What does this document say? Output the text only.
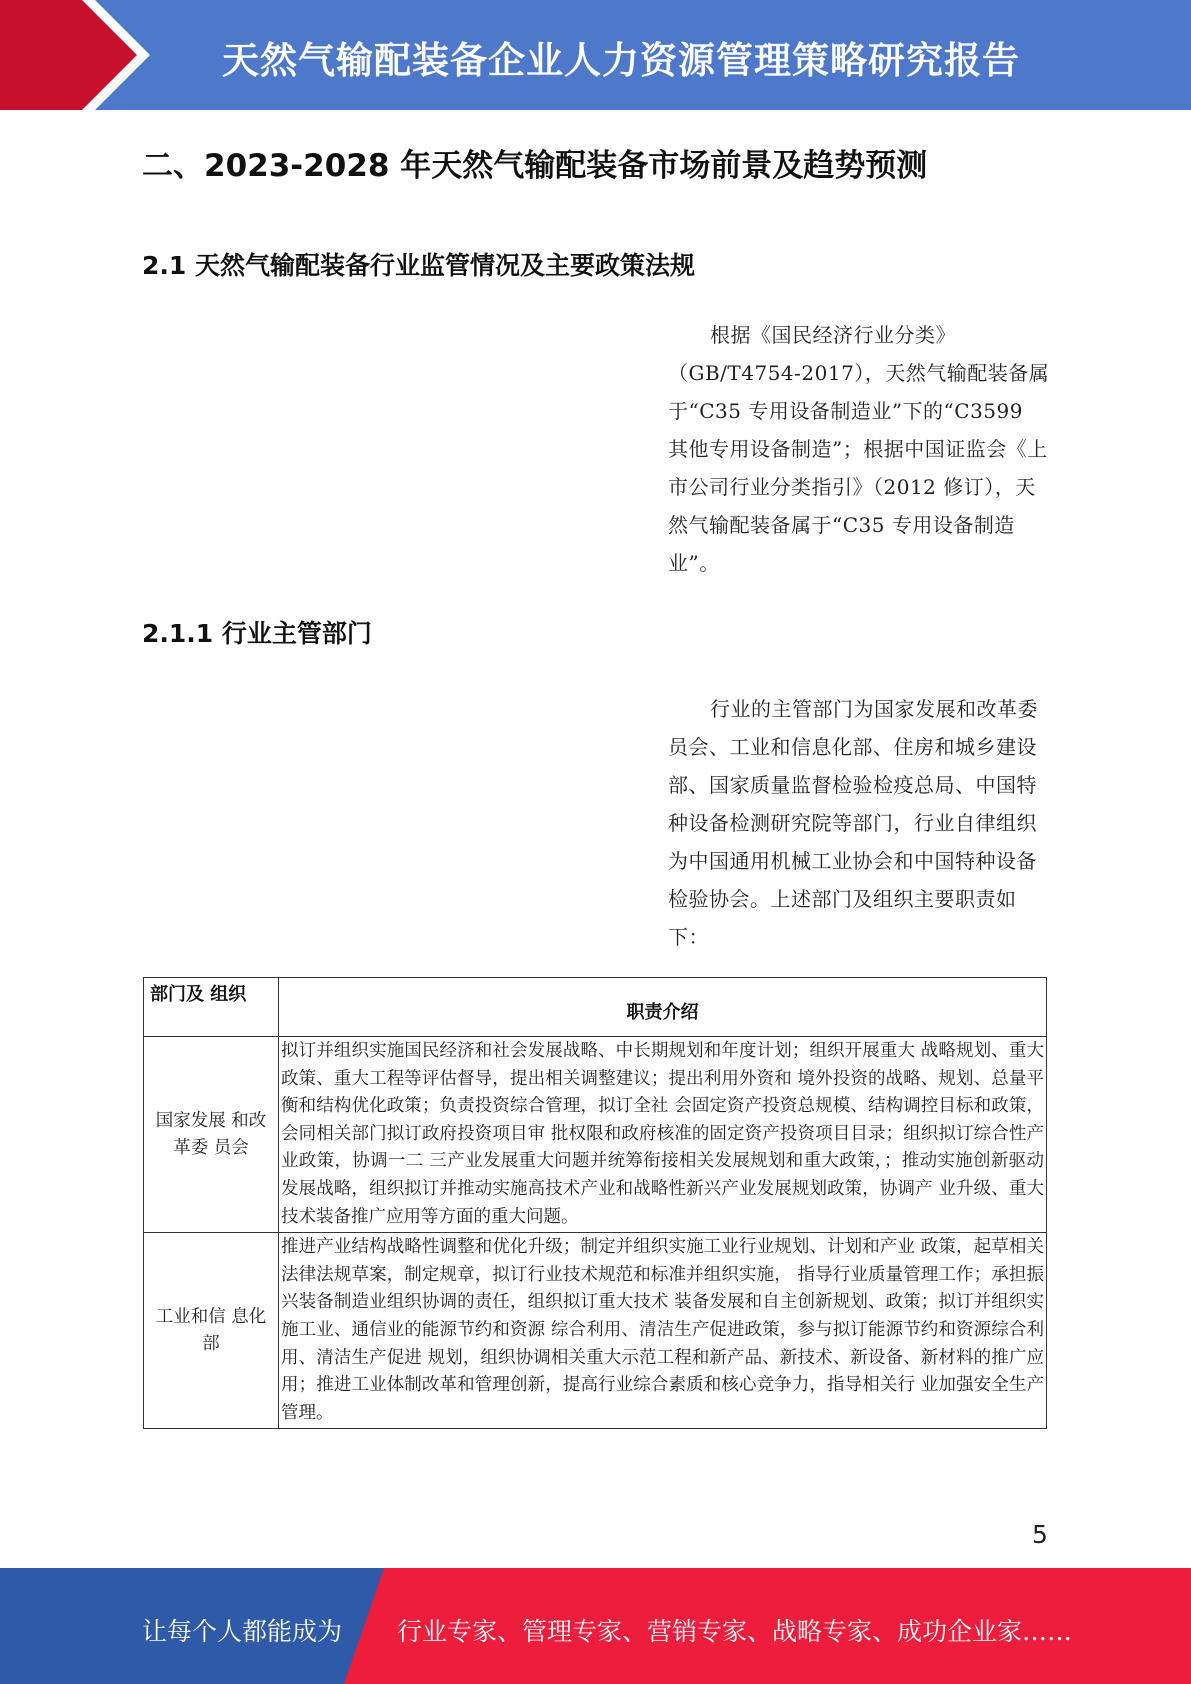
天然气输配装备企业人力资源管理策略研究报告
二、2023-2028 年天然气输配装备市场前景及趋势预测
2.1 天然气输配装备行业监管情况及主要政策法规

根据《国民经济行业分类》（GB/T4754-2017），天然气输配装备属于“C35 专用设备制造业”下的“C3599 其他专用设备制造”；根据中国证监会《上市公司行业分类指引》（2012 修订），天然气输配装备属于“C35 专用设备制造业”。

2.1.1 行业主管部门

行业的主管部门为国家发展和改革委员会、工业和信息化部、住房和城乡建设部、国家质量监督检验检疫总局、中国特种设备检测研究院等部门，行业自律组织为中国通用机械工业协会和中国特种设备检验协会。上述部门及组织主要职责如下：

部门及 组织	职责介绍
国家发展 和改革委 员会	拟订并组织实施国民经济和社会发展战略、中长期规划和年度计划；组织开展重大 战略规划、重大政策、重大工程等评估督导，提出相关调整建议；提出利用外资和 境外投资的战略、规划、总量平衡和结构优化政策；负责投资综合管理，拟订全社 会固定资产投资总规模、结构调控目标和政策，会同相关部门拟订政府投资项目审 批权限和政府核准的固定资产投资项目目录；组织拟订综合性产业政策，协调一二 三产业发展重大问题并统筹衔接相关发展规划和重大政策，；推动实施创新驱动发展战略，组织拟订并推动实施高技术产业和战略性新兴产业发展规划政策，协调产 业升级、重大技术装备推广应用等方面的重大问题。
工业和信 息化部	推进产业结构战略性调整和优化升级；制定并组织实施工业行业规划、计划和产业 政策，起草相关法律法规草案，制定规章，拟订行业技术规范和标准并组织实施， 指导行业质量管理工作；承担振兴装备制造业组织协调的责任，组织拟订重大技术 装备发展和自主创新规划、政策；拟订并组织实施工业、通信业的能源节约和资源 综合利用、清洁生产促进政策，参与拟订能源节约和资源综合利用、清洁生产促进 规划，组织协调相关重大示范工程和新产品、新技术、新设备、新材料的推广应 用；推进工业体制改革和管理创新，提高行业综合素质和核心竞争力，指导相关行 业加强安全生产管理。
5
让每个人都能成为 行业专家、管理专家、营销专家、战略专家、成功企业家……
